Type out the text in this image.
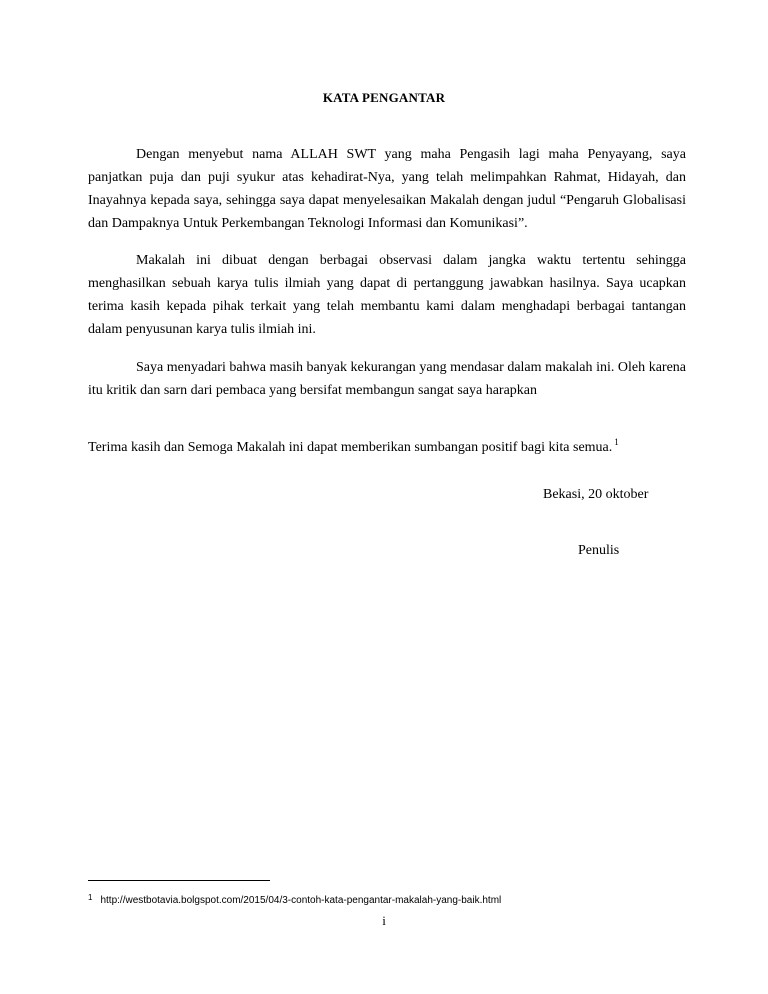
KATA PENGANTAR

Dengan menyebut nama ALLAH SWT yang maha Pengasih lagi maha Penyayang, saya panjatkan puja dan puji syukur atas kehadirat-Nya, yang telah melimpahkan Rahmat, Hidayah, dan Inayahnya kepada saya, sehingga saya dapat menyelesaikan Makalah dengan judul “Pengaruh Globalisasi dan Dampaknya Untuk Perkembangan Teknologi Informasi dan Komunikasi”.

Makalah ini dibuat dengan berbagai observasi dalam jangka waktu tertentu sehingga menghasilkan sebuah karya tulis ilmiah yang dapat di pertanggung jawabkan hasilnya. Saya ucapkan terima kasih kepada pihak terkait yang telah membantu kami dalam menghadapi berbagai tantangan dalam penyusunan karya tulis ilmiah ini.

Saya menyadari bahwa masih banyak kekurangan yang mendasar dalam makalah ini. Oleh karena itu kritik dan sarn dari pembaca yang bersifat membangun sangat saya harapkan

Terima kasih dan Semoga Makalah ini dapat memberikan sumbangan positif bagi kita semua. $^1$
Bekasi, 20 oktober
Penulis
$^1$ http://westbotavia.bolgspot.com/2015/04/3-contoh-kata-pengantar-makalah-yang-baik.html
i
